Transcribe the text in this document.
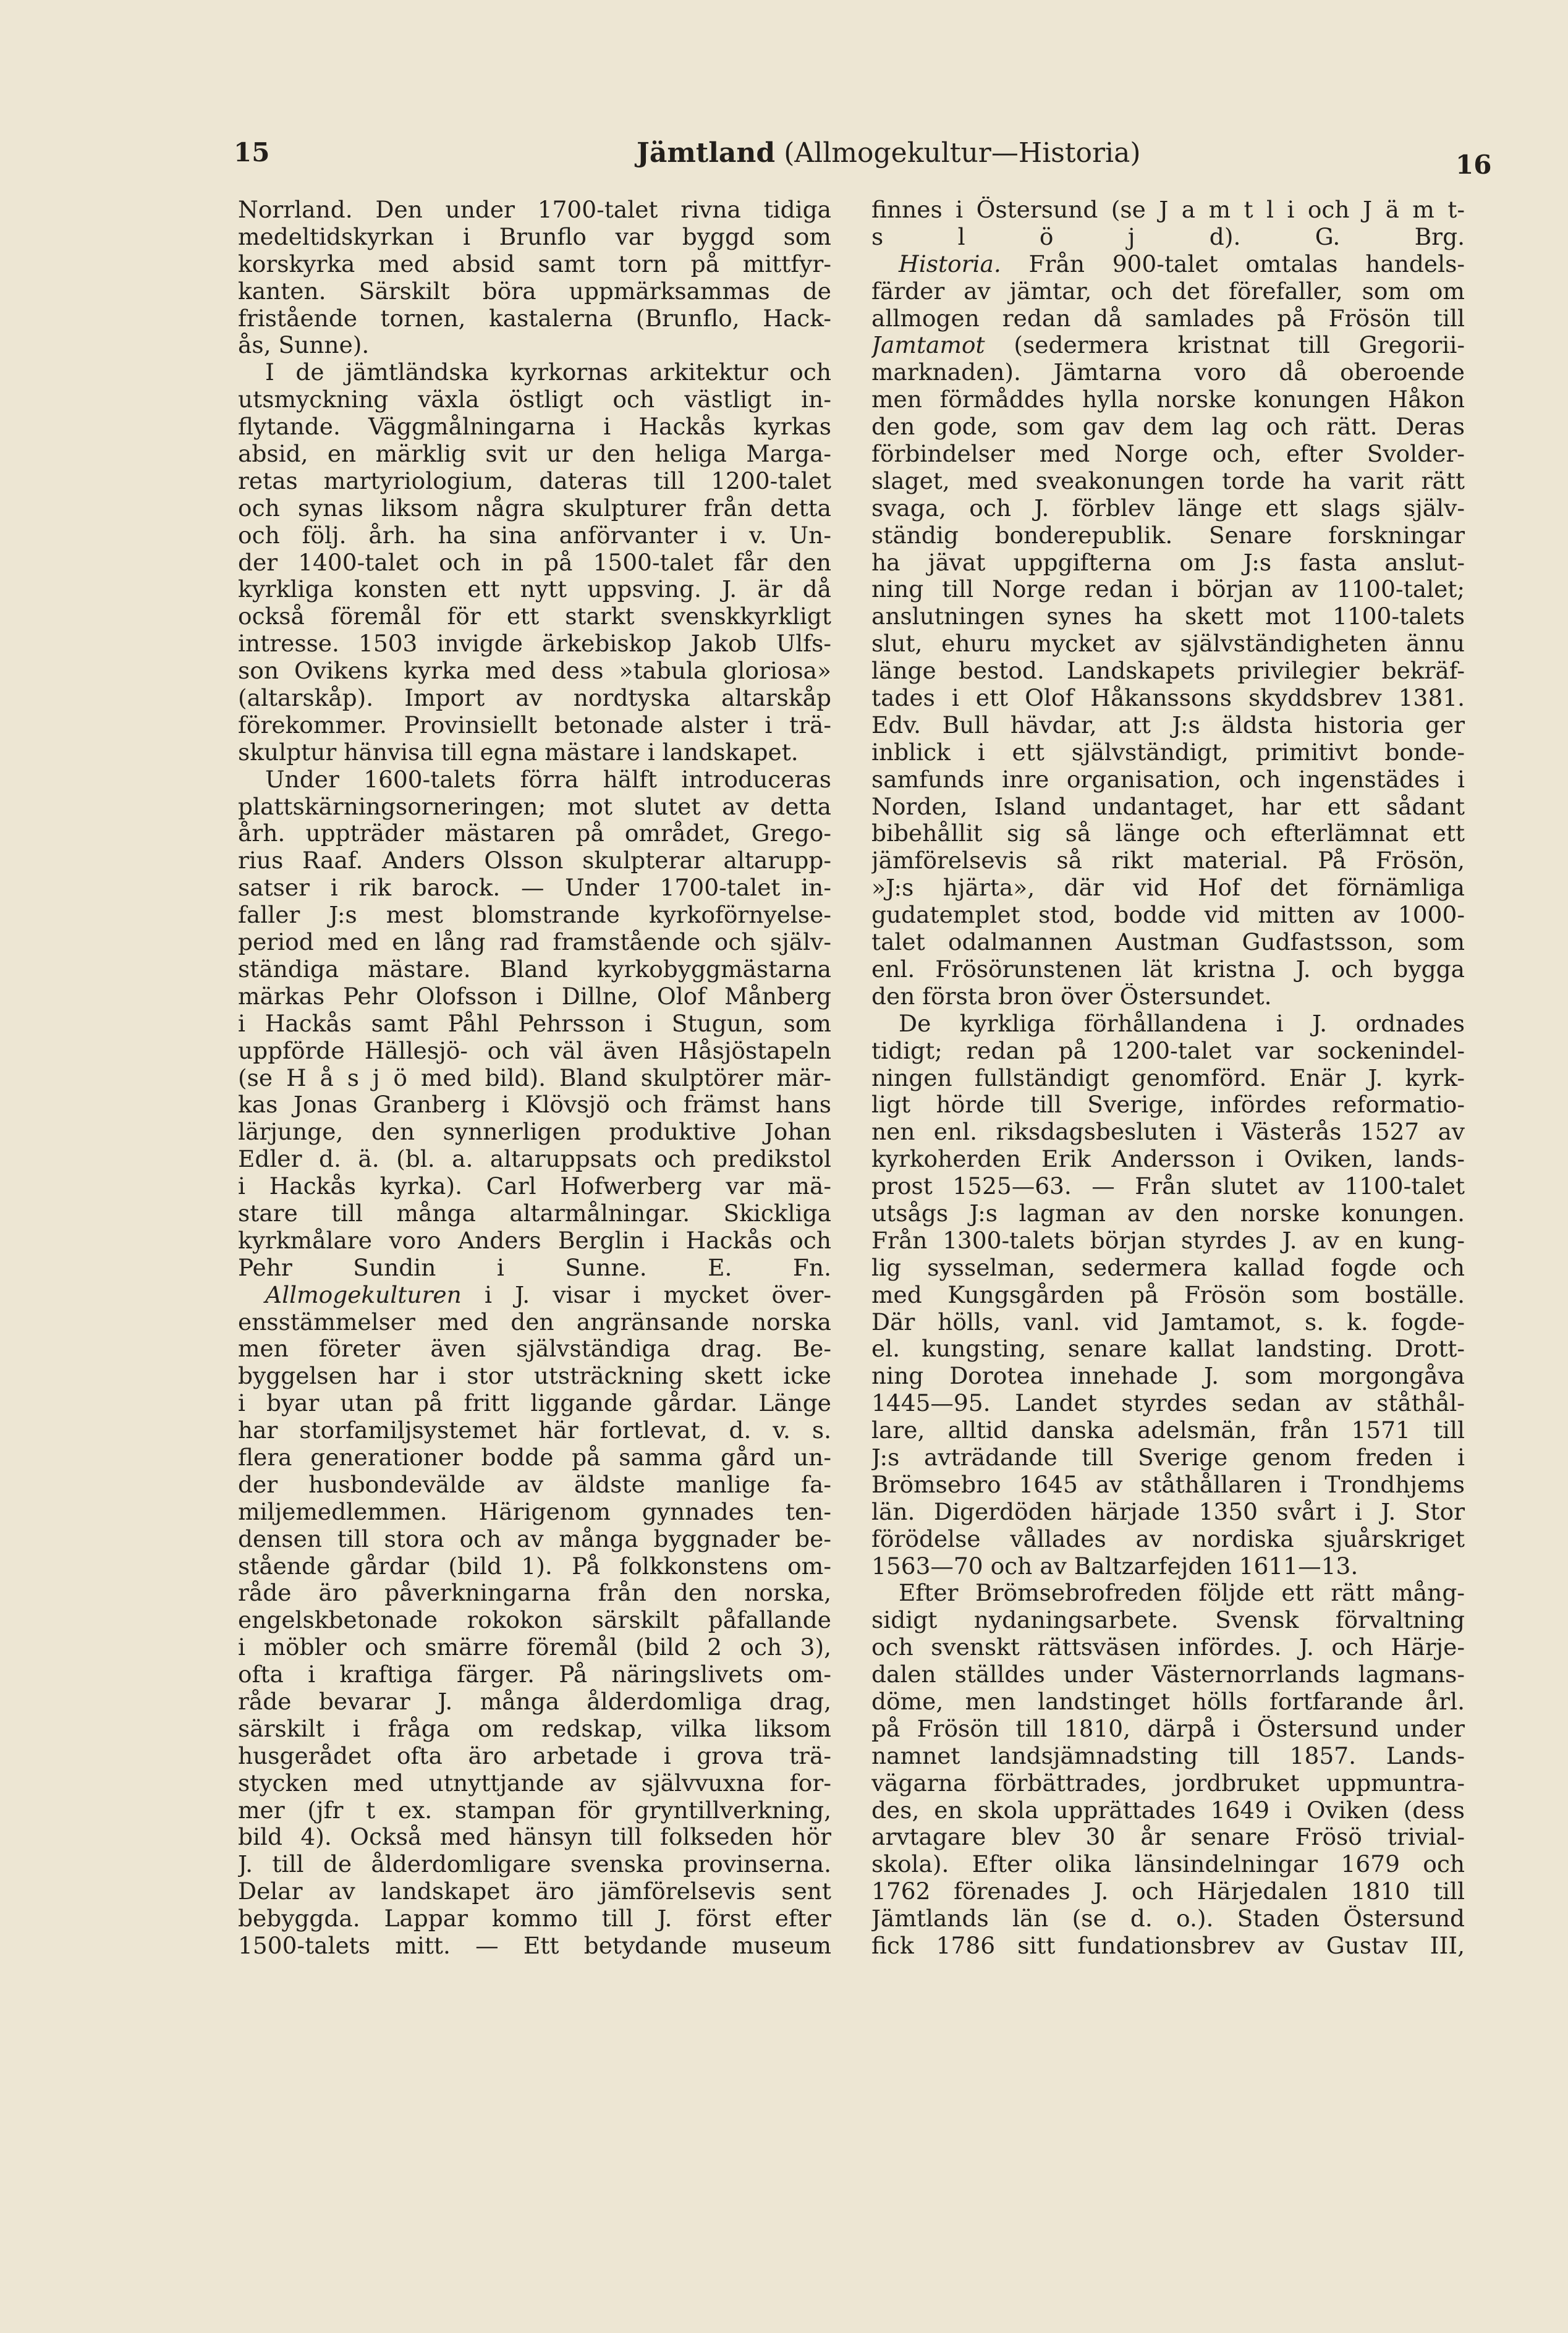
15	Jämtland (Allmogekultur—Historia)	16
Norrland. Den under 1700-talet rivna tidiga
medeltidskyrkan i Brunflo var byggd som
korskyrka med absid samt torn på mittfyr-
kanten. Särskilt böra uppmärksammas de
fristående tornen, kastalerna (Brunflo, Hack-
ås, Sunne).
I de jämtländska kyrkornas arkitektur och
utsmyckning växla östligt och västligt in-
flytande. Väggmålningarna i Hackås kyrkas
absid, en märklig svit ur den heliga Marga-
retas martyriologium, dateras till 1200-talet
och synas liksom några skulpturer från detta
och följ. årh. ha sina anförvanter i v. Un-
der 1400-talet och in på 1500-talet får den
kyrkliga konsten ett nytt uppsving. J. är då
också föremål för ett starkt svenskkyrkligt
intresse. 1503 invigde ärkebiskop Jakob Ulfs-
son Ovikens kyrka med dess »tabula gloriosa»
(altarskåp). Import av nordtyska altarskåp
förekommer. Provinsiellt betonade alster i trä-
skulptur hänvisa till egna mästare i landskapet.
Under 1600-talets förra hälft introduceras
plattskärningsorneringen; mot slutet av detta
årh. uppträder mästaren på området, Grego-
rius Raaf. Anders Olsson skulpterar altarupp-
satser i rik barock. — Under 1700-talet in-
faller J:s mest blomstrande kyrkoförnyelse-
period med en lång rad framstående och själv-
ständiga mästare. Bland kyrkobyggmästarna
märkas Pehr Olofsson i Dillne, Olof Månberg
i Hackås samt Påhl Pehrsson i Stugun, som
uppförde Hällesjö- och väl även Håsjöstapeln
(se H å s j ö med bild). Bland skulptörer mär-
kas Jonas Granberg i Klövsjö och främst hans
lärjunge, den synnerligen produktive Johan
Edler d. ä. (bl. a. altaruppsats och predikstol
i Hackås kyrka). Carl Hofwerberg var mä-
stare till många altarmålningar. Skickliga
kyrkmålare voro Anders Berglin i Hackås och
Pehr Sundin i Sunne. E. Fn.
Allmogekulturen i J. visar i mycket över-
ensstämmelser med den angränsande norska
men företer även självständiga drag. Be-
byggelsen har i stor utsträckning skett icke
i byar utan på fritt liggande gårdar. Länge
har storfamiljsystemet här fortlevat, d. v. s.
flera generationer bodde på samma gård un-
der husbondevälde av äldste manlige fa-
miljemedlemmen. Härigenom gynnades ten-
densen till stora och av många byggnader be-
stående gårdar (bild 1). På folkkonstens om-
råde äro påverkningarna från den norska,
engelskbetonade rokokon särskilt påfallande
i möbler och smärre föremål (bild 2 och 3),
ofta i kraftiga färger. På näringslivets om-
råde bevarar J. många ålderdomliga drag,
särskilt i fråga om redskap, vilka liksom
husgerådet ofta äro arbetade i grova trä-
stycken med utnyttjande av självvuxna for-
mer (jfr t ex. stampan för gryntillverkning,
bild 4). Också med hänsyn till folkseden hör
J. till de ålderdomligare svenska provinserna.
Delar av landskapet äro jämförelsevis sent
bebyggda. Lappar kommo till J. först efter
1500-talets mitt. — Ett betydande museum
finnes i Östersund (se J a m t l i och J ä m t-
s l ö j d). G. Brg.
Historia. Från 900-talet omtalas handels-
färder av jämtar, och det förefaller, som om
allmogen redan då samlades på Frösön till
Jamtamot (sedermera kristnat till Gregorii-
marknaden). Jämtarna voro då oberoende
men förmåddes hylla norske konungen Håkon
den gode, som gav dem lag och rätt. Deras
förbindelser med Norge och, efter Svolder-
slaget, med sveakonungen torde ha varit rätt
svaga, och J. förblev länge ett slags själv-
ständig bonderepublik. Senare forskningar
ha jävat uppgifterna om J:s fasta anslut-
ning till Norge redan i början av 1100-talet;
anslutningen synes ha skett mot 1100-talets
slut, ehuru mycket av självständigheten ännu
länge bestod. Landskapets privilegier bekräf-
tades i ett Olof Håkanssons skyddsbrev 1381.
Edv. Bull hävdar, att J:s äldsta historia ger
inblick i ett självständigt, primitivt bonde-
samfunds inre organisation, och ingenstädes i
Norden, Island undantaget, har ett sådant
bibehållit sig så länge och efterlämnat ett
jämförelsevis så rikt material. På Frösön,
»J:s hjärta», där vid Hof det förnämliga
gudatemplet stod, bodde vid mitten av 1000-
talet odalmannen Austman Gudfastsson, som
enl. Frösörunstenen lät kristna J. och bygga
den första bron över Östersundet.
De kyrkliga förhållandena i J. ordnades
tidigt; redan på 1200-talet var sockenindel-
ningen fullständigt genomförd. Enär J. kyrk-
ligt hörde till Sverige, infördes reformatio-
nen enl. riksdagsbesluten i Västerås 1527 av
kyrkoherden Erik Andersson i Oviken, lands-
prost 1525—63. — Från slutet av 1100-talet
utsågs J:s lagman av den norske konungen.
Från 1300-talets början styrdes J. av en kung-
lig sysselman, sedermera kallad fogde och
med Kungsgården på Frösön som boställe.
Där hölls, vanl. vid Jamtamot, s. k. fogde-
el. kungsting, senare kallat landsting. Drott-
ning Dorotea innehade J. som morgongåva
1445—95. Landet styrdes sedan av ståthål-
lare, alltid danska adelsmän, från 1571 till
J:s avträdande till Sverige genom freden i
Brömsebro 1645 av ståthållaren i Trondhjems
län. Digerdöden härjade 1350 svårt i J. Stor
förödelse vållades av nordiska sjuårskriget
1563—70 och av Baltzarfejden 1611—13.
Efter Brömsebrofreden följde ett rätt mång-
sidigt nydaningsarbete. Svensk förvaltning
och svenskt rättsväsen infördes. J. och Härje-
dalen ställdes under Västernorrlands lagmans-
döme, men landstinget hölls fortfarande årl.
på Frösön till 1810, därpå i Östersund under
namnet landsjämnadsting till 1857. Lands-
vägarna förbättrades, jordbruket uppmuntra-
des, en skola upprättades 1649 i Oviken (dess
arvtagare blev 30 år senare Frösö trivial-
skola). Efter olika länsindelningar 1679 och
1762 förenades J. och Härjedalen 1810 till
Jämtlands län (se d. o.). Staden Östersund
fick 1786 sitt fundationsbrev av Gustav III,
